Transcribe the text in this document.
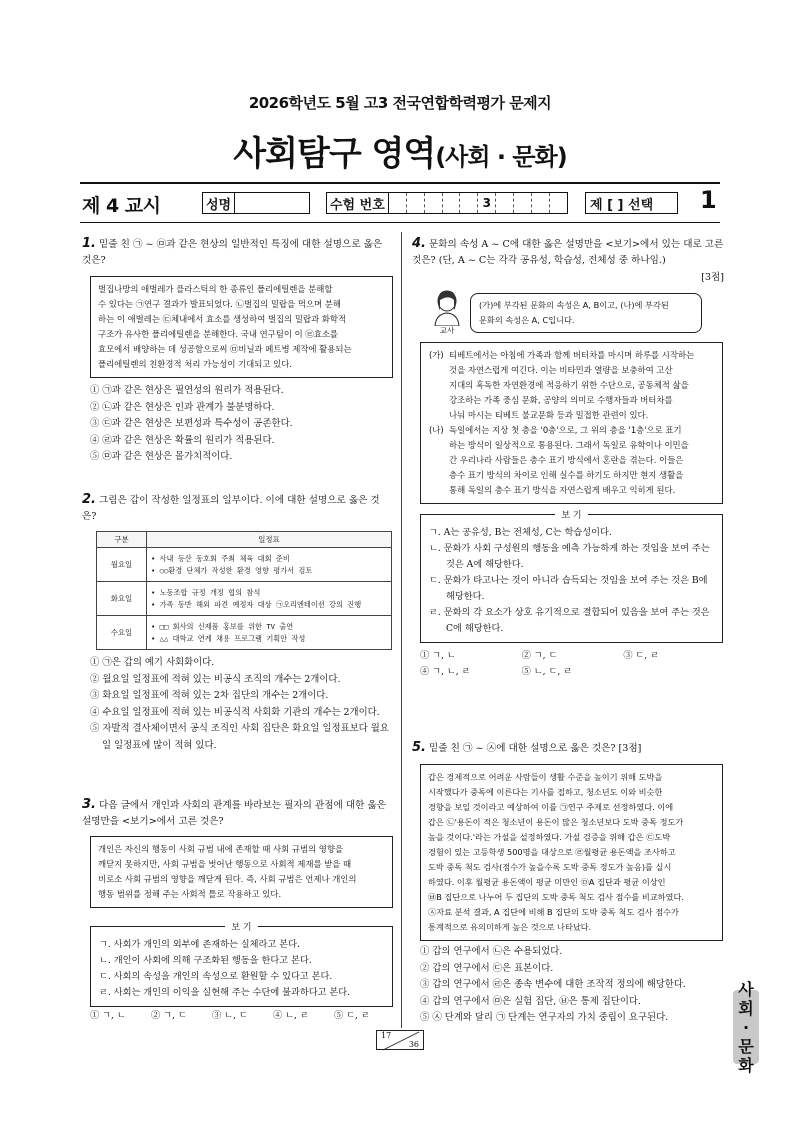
2026학년도 5월 고3 전국연합학력평가 문제지
사회탐구 영역(사회 · 문화)
제 4 교시	성명	수험 번호	3	제 [ ] 선택 1
1. 밑줄 친 ㉠ ~ ㉤과 같은 현상의 일반적인 특징에 대한 설명으로 옳은 것은?
벌집나방의 애벌레가 플라스틱의 한 종류인 폴리에틸렌을 분해할
수 있다는 ㉠연구 결과가 발표되었다. ㉡벌집의 밀랍을 먹으며 분해
하는 이 애벌레는 ㉢체내에서 효소를 생성하여 벌집의 밀랍과 화학적
구조가 유사한 폴리에틸렌을 분해한다. 국내 연구팀이 이 ㉣효소를
효모에서 배양하는 데 성공함으로써 ㉤비닐과 페트병 제작에 활용되는
폴리에틸렌의 친환경적 처리 가능성이 기대되고 있다.
① ㉠과 같은 현상은 필연성의 원리가 적용된다.
② ㉡과 같은 현상은 인과 관계가 불분명하다.
③ ㉢과 같은 현상은 보편성과 특수성이 공존한다.
④ ㉣과 같은 현상은 확률의 원리가 적용된다.
⑤ ㉤과 같은 현상은 몰가치적이다.
2. 그림은 갑이 작성한 일정표의 일부이다. 이에 대한 설명으로 옳은 것은?
구분	일정표
월요일	• 사내 등산 동호회 주최 체육 대회 준비
• ○○환경 단체가 작성한 환경 영향 평가서 검토

화요일	• 노동조합 규정 개정 협의 참석
• 가족 동반 해외 파견 예정자 대상 ㉠오리엔테이션 강의 진행

수요일	• □□ 회사의 신제품 홍보를 위한 TV 출연
• △△ 대학교 연계 채용 프로그램 기획안 작성
① ㉠은 갑의 예기 사회화이다.
② 월요일 일정표에 적혀 있는 비공식 조직의 개수는 2개이다.
③ 화요일 일정표에 적혀 있는 2차 집단의 개수는 2개이다.
④ 수요일 일정표에 적혀 있는 비공식적 사회화 기관의 개수는 2개이다.
⑤ 자발적 결사체이면서 공식 조직인 사회 집단은 화요일 일정표보다 월요일 일정표에 많이 적혀 있다.
3. 다음 글에서 개인과 사회의 관계를 바라보는 필자의 관점에 대한 옳은 설명만을 <보기>에서 고른 것은?
개인은 자신의 행동이 사회 규범 내에 존재할 때 사회 규범의 영향을
깨닫지 못하지만, 사회 규범을 벗어난 행동으로 사회적 제재를 받을 때
비로소 사회 규범의 영향을 깨닫게 된다. 즉, 사회 규범은 언제나 개인의
행동 범위를 정해 주는 사회적 틀로 작용하고 있다.
보 기
ㄱ. 사회가 개인의 외부에 존재하는 실체라고 본다.
ㄴ. 개인이 사회에 의해 구조화된 행동을 한다고 본다.
ㄷ. 사회의 속성을 개인의 속성으로 환원할 수 있다고 본다.
ㄹ. 사회는 개인의 이익을 실현해 주는 수단에 불과하다고 본다.
① ㄱ, ㄴ	② ㄱ, ㄷ	③ ㄴ, ㄷ	④ ㄴ, ㄹ	⑤ ㄷ, ㄹ
4. 문화의 속성 A ~ C에 대한 옳은 설명만을 <보기>에서 있는 대로 고른 것은? (단, A ~ C는 각각 공유성, 학습성, 전체성 중 하나임.)
[3점]
교사
(가)에 부각된 문화의 속성은 A, B이고, (나)에 부각된
문화의 속성은 A, C입니다.
(가) 티베트에서는 아침에 가족과 함께 버터차를 마시며 하루를 시작하는
것을 자연스럽게 여긴다. 이는 비타민과 열량을 보충하여 고산
지대의 혹독한 자연환경에 적응하기 위한 수단으로, 공동체적 삶을
강조하는 가족 중심 문화, 공양의 의미로 수행자들과 버터차를
나눠 마시는 티베트 불교문화 등과 밀접한 관련이 있다.
(나) 독일에서는 지상 첫 층을 '0층'으로, 그 위의 층을 '1층'으로 표기
하는 방식이 일상적으로 통용된다. 그래서 독일로 유학이나 이민을
간 우리나라 사람들은 층수 표기 방식에서 혼란을 겪는다. 이들은
층수 표기 방식의 차이로 인해 실수를 하기도 하지만 현지 생활을
통해 독일의 층수 표기 방식을 자연스럽게 배우고 익히게 된다.
보 기
ㄱ. A는 공유성, B는 전체성, C는 학습성이다.
ㄴ. 문화가 사회 구성원의 행동을 예측 가능하게 하는 것임을 보여 주는 것은 A에 해당한다.
ㄷ. 문화가 타고나는 것이 아니라 습득되는 것임을 보여 주는 것은 B에 해당한다.
ㄹ. 문화의 각 요소가 상호 유기적으로 결합되어 있음을 보여 주는 것은 C에 해당한다.
① ㄱ, ㄴ	② ㄱ, ㄷ	③ ㄷ, ㄹ
④ ㄱ, ㄴ, ㄹ	⑤ ㄴ, ㄷ, ㄹ
5. 밑줄 친 ㉠ ~ ㉦에 대한 설명으로 옳은 것은? [3점]
갑은 경제적으로 어려운 사람들이 생활 수준을 높이기 위해 도박을
시작했다가 중독에 이른다는 기사를 접하고, 청소년도 이와 비슷한
경향을 보일 것이라고 예상하여 이를 ㉠연구 주제로 선정하였다. 이에
갑은 ㉡'용돈이 적은 청소년이 용돈이 많은 청소년보다 도박 중독 정도가
높을 것이다.'라는 가설을 설정하였다. 가설 검증을 위해 갑은 ㉢도박
경험이 있는 고등학생 500명을 대상으로 ㉣월평균 용돈액을 조사하고
도박 중독 척도 검사(점수가 높을수록 도박 중독 정도가 높음)를 실시
하였다. 이후 월평균 용돈액이 평균 미만인 ㉤A 집단과 평균 이상인
㉥B 집단으로 나누어 두 집단의 도박 중독 척도 검사 점수를 비교하였다.
㉦자료 분석 결과, A 집단에 비해 B 집단의 도박 중독 척도 검사 점수가
통계적으로 유의미하게 높은 것으로 나타났다.
① 갑의 연구에서 ㉡은 수용되었다.
② 갑의 연구에서 ㉢은 표본이다.
③ 갑의 연구에서 ㉣은 종속 변수에 대한 조작적 정의에 해당한다.
④ 갑의 연구에서 ㉤은 실험 집단, ㉥은 통제 집단이다.
⑤ ㉦ 단계와 달리 ㉠ 단계는 연구자의 가치 중립이 요구된다.
사
회
·
문
화
17
36
